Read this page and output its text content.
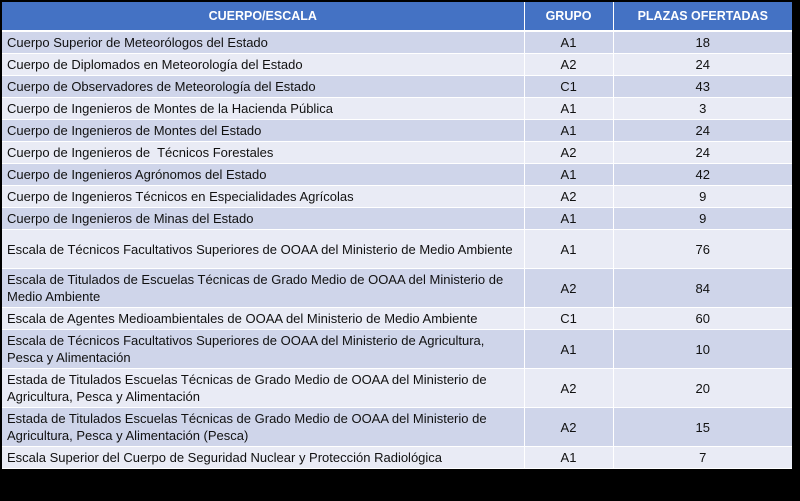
CUERPO/ESCALA	GRUPO	PLAZAS OFERTADAS
Cuerpo Superior de Meteorólogos del Estado	A1	18
Cuerpo de Diplomados en Meteorología del Estado	A2	24
Cuerpo de Observadores de Meteorología del Estado	C1	43
Cuerpo de Ingenieros de Montes de la Hacienda Pública	A1	3
Cuerpo de Ingenieros de Montes del Estado	A1	24
Cuerpo de Ingenieros de  Técnicos Forestales	A2	24
Cuerpo de Ingenieros Agrónomos del Estado	A1	42
Cuerpo de Ingenieros Técnicos en Especialidades Agrícolas	A2	9
Cuerpo de Ingenieros de Minas del Estado	A1	9
Escala de Técnicos Facultativos Superiores de OOAA del Ministerio de Medio Ambiente	A1	76
Escala de Titulados de Escuelas Técnicas de Grado Medio de OOAA del Ministerio de Medio Ambiente	A2	84
Escala de Agentes Medioambientales de OOAA del Ministerio de Medio Ambiente	C1	60
Escala de Técnicos Facultativos Superiores de OOAA del Ministerio de Agricultura, Pesca y Alimentación	A1	10
Estada de Titulados Escuelas Técnicas de Grado Medio de OOAA del Ministerio de Agricultura, Pesca y Alimentación	A2	20
Estada de Titulados Escuelas Técnicas de Grado Medio de OOAA del Ministerio de Agricultura, Pesca y Alimentación (Pesca)	A2	15
Escala Superior del Cuerpo de Seguridad Nuclear y Protección Radiológica	A1	7
